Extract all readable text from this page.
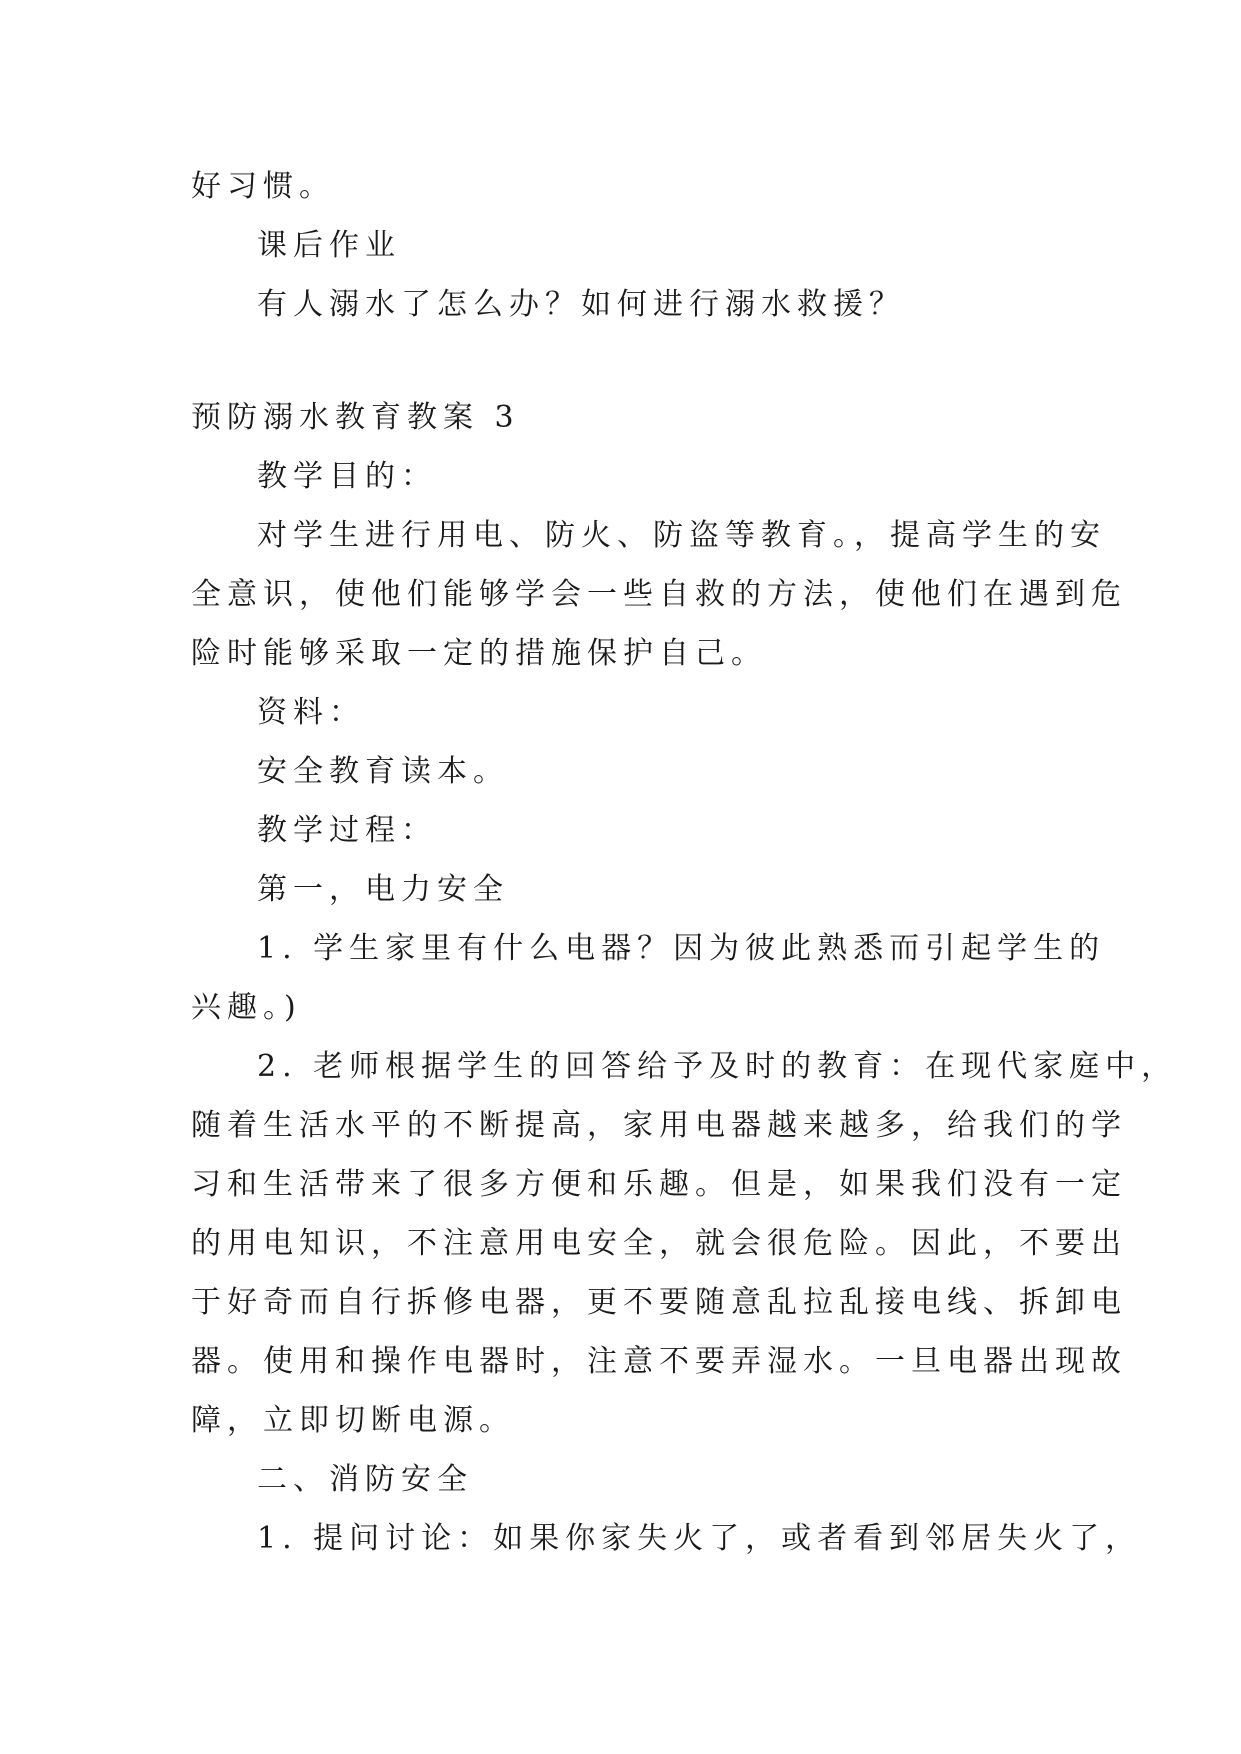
好习惯。

课后作业

有人溺水了怎么办？如何进行溺水救援？

预防溺水教育教案 3

教学目的：

对学生进行用电、防火、防盗等教育。，提高学生的安

全意识，使他们能够学会一些自救的方法，使他们在遇到危

险时能够采取一定的措施保护自己。

资料：

安全教育读本。

教学过程：

第一，电力安全

1. 学生家里有什么电器？因为彼此熟悉而引起学生的

兴趣。)

2. 老师根据学生的回答给予及时的教育：在现代家庭中，

随着生活水平的不断提高，家用电器越来越多，给我们的学

习和生活带来了很多方便和乐趣。但是，如果我们没有一定

的用电知识，不注意用电安全，就会很危险。因此，不要出

于好奇而自行拆修电器，更不要随意乱拉乱接电线、拆卸电

器。使用和操作电器时，注意不要弄湿水。一旦电器出现故

障，立即切断电源。

二、消防安全

1. 提问讨论：如果你家失火了，或者看到邻居失火了，
